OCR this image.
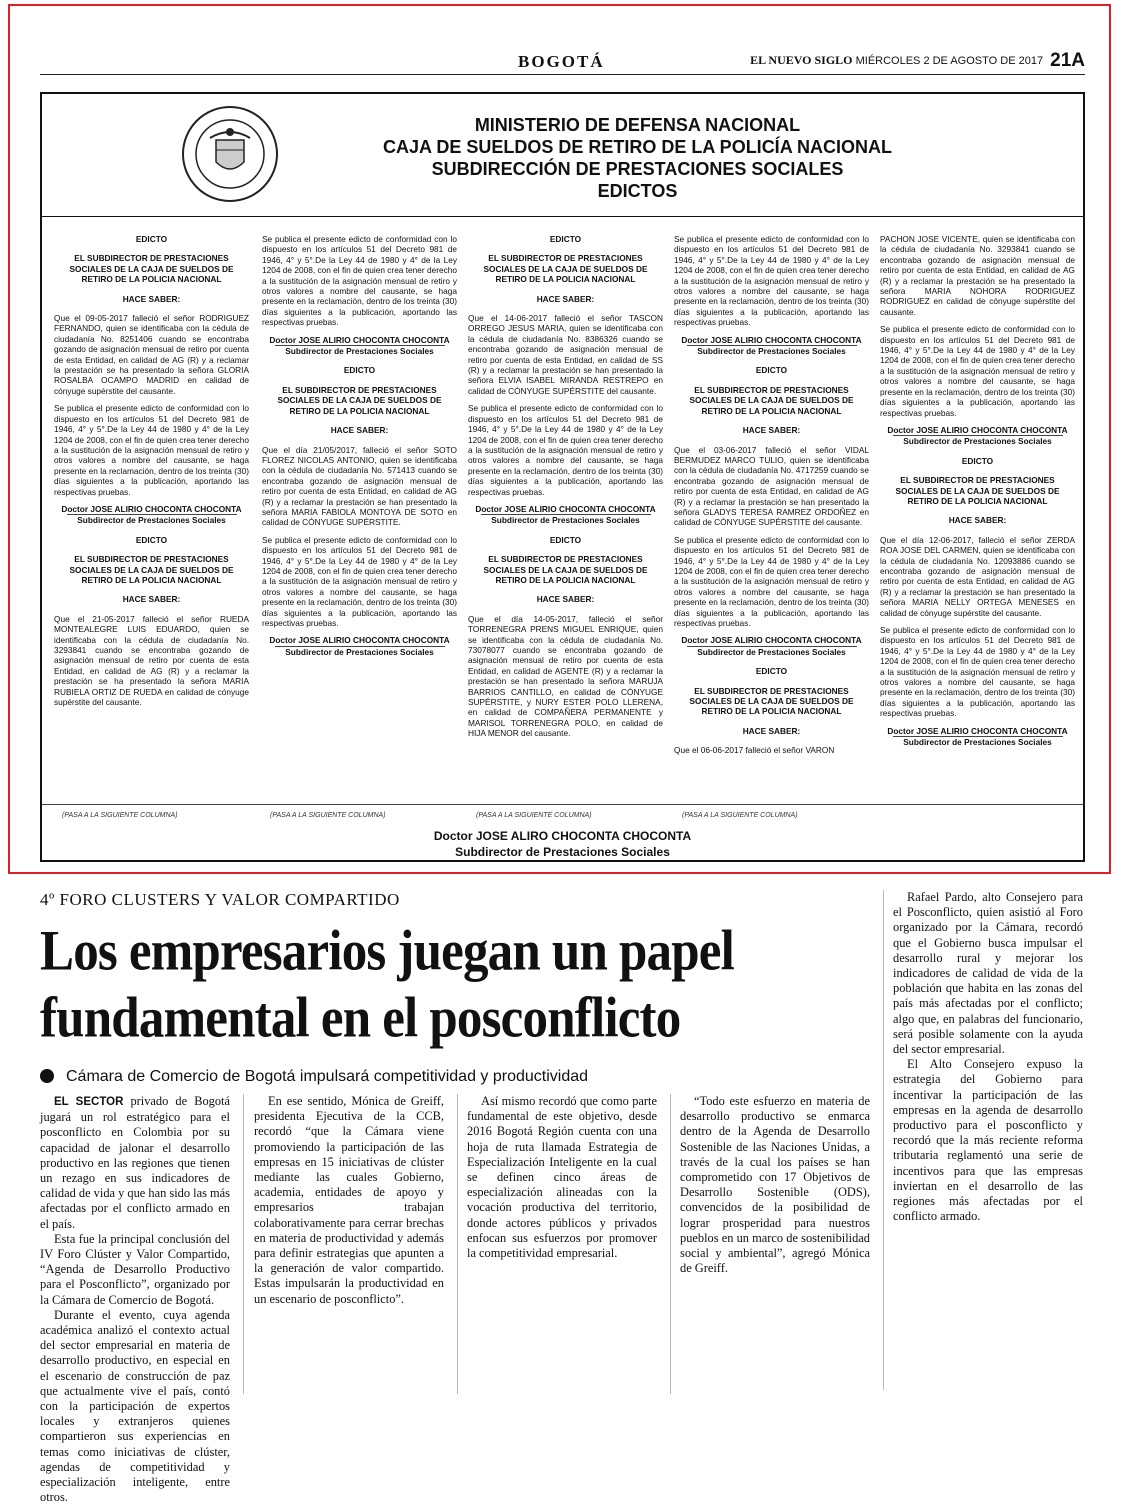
BOGOTÁ	EL NUEVO SIGLO MIÉRCOLES 2 DE AGOSTO DE 2017 21A
MINISTERIO DE DEFENSA NACIONAL
CAJA DE SUELDOS DE RETIRO DE LA POLICÍA NACIONAL
SUBDIRECCIÓN DE PRESTACIONES SOCIALES
EDICTOS
EDICTO
EL SUBDIRECTOR DE PRESTACIONES SOCIALES DE LA CAJA DE SUELDOS DE RETIRO DE LA POLICIA NACIONAL
HACE SABER:

Que el 09-05-2017 falleció el señor RODRIGUEZ FERNANDO, quien se identificaba con la cédula de ciudadanía No. 8251406 cuando se encontraba gozando de asignación mensual de retiro por cuenta de esta Entidad, en calidad de AG (R) y a reclamar la prestación se ha presentado la señora GLORIA ROSALBA OCAMPO MADRID en calidad de cónyuge supérstite del causante.

Se publica el presente edicto de conformidad con lo dispuesto en los artículos 51 del Decreto 981 de 1946, 4° y 5°.De la Ley 44 de 1980 y 4° de la Ley 1204 de 2008, con el fin de quien crea tener derecho a la sustitución de la asignación mensual de retiro y otros valores a nombre del causante, se haga presente en la reclamación, dentro de los treinta (30) días siguientes a la publicación, aportando las respectivas pruebas.

Doctor JOSE ALIRIO CHOCONTA CHOCONTA
Subdirector de Prestaciones Sociales
EDICTO
EL SUBDIRECTOR DE PRESTACIONES SOCIALES DE LA CAJA DE SUELDOS DE RETIRO DE LA POLICIA NACIONAL
HACE SABER:

Que el 21-05-2017 falleció el señor RUEDA MONTEALEGRE LUIS EDUARDO, quien se identificaba con la cédula de ciudadanía No. 3293841 cuando se encontraba gozando de asignación mensual de retiro por cuenta de esta Entidad, en calidad de AG (R) y a reclamar la prestación se ha presentado la señora MARIA RUBIELA ORTIZ DE RUEDA en calidad de cónyuge supérstite del causante.

Se publica el presente edicto de conformidad con lo dispuesto en los artículos 51 del Decreto 981 de 1946, 4° y 5°.De la Ley 44 de 1980 y 4° de la Ley 1204 de 2008, con el fin de quien crea tener derecho a la sustitución de la asignación mensual de retiro y otros valores a nombre del causante, se haga presente en la reclamación, dentro de los treinta (30) días siguientes a la publicación, aportando las respectivas pruebas.

Doctor JOSE ALIRIO CHOCONTA CHOCONTA
Subdirector de Prestaciones Sociales
EDICTO
EL SUBDIRECTOR DE PRESTACIONES SOCIALES DE LA CAJA DE SUELDOS DE RETIRO DE LA POLICIA NACIONAL
HACE SABER:

Que el día 21/05/2017, falleció el señor SOTO FLOREZ NICOLAS ANTONIO, quien se identificaba con la cédula de ciudadanía No. 571413 cuando se encontraba gozando de asignación mensual de retiro por cuenta de esta Entidad, en calidad de AG (R) y a reclamar la prestación se han presentado la señora MARIA FABIOLA MONTOYA DE SOTO en calidad de CÓNYUGE SUPÉRSTITE.

Se publica el presente edicto de conformidad con lo dispuesto en los artículos 51 del Decreto 981 de 1946, 4° y 5°.De la Ley 44 de 1980 y 4° de la Ley 1204 de 2008, con el fin de quien crea tener derecho a la sustitución de la asignación mensual de retiro y otros valores a nombre del causante, se haga presente en la reclamación, dentro de los treinta (30) días siguientes a la publicación, aportando las respectivas pruebas.

Doctor JOSE ALIRIO CHOCONTA CHOCONTA
Subdirector de Prestaciones Sociales
EDICTO
EL SUBDIRECTOR DE PRESTACIONES SOCIALES DE LA CAJA DE SUELDOS DE RETIRO DE LA POLICIA NACIONAL
HACE SABER:

Que el 14-06-2017 falleció el señor TASCON ORREGO JESUS MARIA, quien se identificaba con la cédula de ciudadanía No. 8386326 cuando se encontraba gozando de asignación mensual de retiro por cuenta de esta Entidad, en calidad de SS (R) y a reclamar la prestación se han presentado la señora ELVIA ISABEL MIRANDA RESTREPO en calidad de CÓNYUGE SUPÉRSTITE del causante.

Se publica el presente edicto de conformidad con lo dispuesto en los artículos 51 del Decreto 981 de 1946, 4° y 5°.De la Ley 44 de 1980 y 4° de la Ley 1204 de 2008, con el fin de quien crea tener derecho a la sustitución de la asignación mensual de retiro y otros valores a nombre del causante, se haga presente en la reclamación, dentro de los treinta (30) días siguientes a la publicación, aportando las respectivas pruebas.

Doctor JOSE ALIRIO CHOCONTA CHOCONTA
Subdirector de Prestaciones Sociales
EDICTO
EL SUBDIRECTOR DE PRESTACIONES SOCIALES DE LA CAJA DE SUELDOS DE RETIRO DE LA POLICIA NACIONAL
HACE SABER:

Que el día 14-05-2017, falleció el señor TORRENEGRA PRENS MIGUEL ENRIQUE, quien se identificaba con la cédula de ciudadanía No. 73078077 cuando se encontraba gozando de asignación mensual de retiro por cuenta de esta Entidad, en calidad de AGENTE (R) y a reclamar la prestación se han presentado la señora MARUJA BARRIOS CANTILLO, en calidad de CÓNYUGE SUPÉRSTITE, y NURY ESTER POLO LLERENA, en calidad de COMPAÑERA PERMANENTE y MARISOL TORRENEGRA POLO, en calidad de HIJA MENOR del causante.

Se publica el presente edicto de conformidad con lo dispuesto en los artículos 51 del Decreto 981 de 1946, 4° y 5°.De la Ley 44 de 1980 y 4° de la Ley 1204 de 2008, con el fin de quien crea tener derecho a la sustitución de la asignación mensual de retiro y otros valores a nombre del causante, se haga presente en la reclamación, dentro de los treinta (30) días siguientes a la publicación, aportando las respectivas pruebas.

Doctor JOSE ALIRIO CHOCONTA CHOCONTA
Subdirector de Prestaciones Sociales
EDICTO
EL SUBDIRECTOR DE PRESTACIONES SOCIALES DE LA CAJA DE SUELDOS DE RETIRO DE LA POLICIA NACIONAL
HACE SABER:

Que el 03-06-2017 falleció el señor VIDAL BERMUDEZ MARCO TULIO, quien se identificaba con la cédula de ciudadanía No. 4717259 cuando se encontraba gozando de asignación mensual de retiro por cuenta de esta Entidad, en calidad de AG (R) y a reclamar la prestación se han presentado la señora GLADYS TERESA RAMREZ ORDOÑEZ en calidad de CÓNYUGE SUPÉRSTITE del causante.

Se publica el presente edicto de conformidad con lo dispuesto en los artículos 51 del Decreto 981 de 1946, 4° y 5°.De la Ley 44 de 1980 y 4° de la Ley 1204 de 2008, con el fin de quien crea tener derecho a la sustitución de la asignación mensual de retiro y otros valores a nombre del causante, se haga presente en la reclamación, dentro de los treinta (30) días siguientes a la publicación, aportando las respectivas pruebas.

Doctor JOSE ALIRIO CHOCONTA CHOCONTA
Subdirector de Prestaciones Sociales
EDICTO
EL SUBDIRECTOR DE PRESTACIONES SOCIALES DE LA CAJA DE SUELDOS DE RETIRO DE LA POLICIA NACIONAL
HACE SABER:

Que el 06-06-2017 falleció el señor VARON

PACHON JOSE VICENTE, quien se identificaba con la cédula de ciudadanía No. 3293841 cuando se encontraba gozando de asignación mensual de retiro por cuenta de esta Entidad, en calidad de AG (R) y a reclamar la prestación se ha presentado la señora MARIA NOHORA RODRIGUEZ RODRIGUEZ en calidad de cónyuge supérstite del causante.

Se publica el presente edicto de conformidad con lo dispuesto en los artículos 51 del Decreto 981 de 1946, 4° y 5°.De la Ley 44 de 1980 y 4° de la Ley 1204 de 2008, con el fin de quien crea tener derecho a la sustitución de la asignación mensual de retiro y otros valores a nombre del causante, se haga presente en la reclamación, dentro de los treinta (30) días siguientes a la publicación, aportando las respectivas pruebas.

Doctor JOSE ALIRIO CHOCONTA CHOCONTA
Subdirector de Prestaciones Sociales
EDICTO
EL SUBDIRECTOR DE PRESTACIONES SOCIALES DE LA CAJA DE SUELDOS DE RETIRO DE LA POLICIA NACIONAL
HACE SABER:

Que el día 12-06-2017, falleció el señor ZERDA ROA JOSE DEL CARMEN, quien se identificaba con la cédula de ciudadanía No. 12093886 cuando se encontraba gozando de asignación mensual de retiro por cuenta de esta Entidad, en calidad de AG (R) y a reclamar la prestación se han presentado la señora MARIA NELLY ORTEGA MENESES en calidad de cónyuge supérstite del causante.

Se publica el presente edicto de conformidad con lo dispuesto en los artículos 51 del Decreto 981 de 1946, 4° y 5°.De la Ley 44 de 1980 y 4° de la Ley 1204 de 2008, con el fin de quien crea tener derecho a la sustitución de la asignación mensual de retiro y otros valores a nombre del causante, se haga presente en la reclamación, dentro de los treinta (30) días siguientes a la publicación, aportando las respectivas pruebas.

Doctor JOSE ALIRIO CHOCONTA CHOCONTA
Subdirector de Prestaciones Sociales
(PASA A LA SIGUIENTE COLUMNA)	(PASA A LA SIGUIENTE COLUMNA)	(PASA A LA SIGUIENTE COLUMNA)	(PASA A LA SIGUIENTE COLUMNA)
Doctor JOSE ALIRO CHOCONTA CHOCONTA
Subdirector de Prestaciones Sociales
4º FORO CLUSTERS Y VALOR COMPARTIDO
Los empresarios juegan un papel fundamental en el posconflicto
Cámara de Comercio de Bogotá impulsará competitividad y productividad

EL SECTOR privado de Bogotá jugará un rol estratégico para el posconflicto en Colombia por su capacidad de jalonar el desarrollo productivo en las regiones que tienen un rezago en sus indicadores de calidad de vida y que han sido las más afectadas por el conflicto armado en el país.

Esta fue la principal conclusión del IV Foro Clúster y Valor Compartido, “Agenda de Desarrollo Productivo para el Posconflicto”, organizado por la Cámara de Comercio de Bogotá.

Durante el evento, cuya agenda académica analizó el contexto actual del sector empresarial en materia de desarrollo productivo, en especial en el escenario de construcción de paz que actualmente vive el país, contó con la participación de expertos locales y extranjeros quienes compartieron sus experiencias en temas como iniciativas de clúster, agendas de competitividad y especialización inteligente, entre otros.

En ese sentido, Mónica de Greiff, presidenta Ejecutiva de la CCB, recordó “que la Cámara viene promoviendo la participación de las empresas en 15 iniciativas de clúster mediante las cuales Gobierno, academia, entidades de apoyo y empresarios trabajan colaborativamente para cerrar brechas en materia de productividad y además para definir estrategias que apunten a la generación de valor compartido. Estas impulsarán la productividad en un escenario de posconflicto”.

Así mismo recordó que como parte fundamental de este objetivo, desde 2016 Bogotá Región cuenta con una hoja de ruta llamada Estrategia de Especialización Inteligente en la cual se definen cinco áreas de especialización alineadas con la vocación productiva del territorio, donde actores públicos y privados enfocan sus esfuerzos por promover la competitividad empresarial.

“Todo este esfuerzo en materia de desarrollo productivo se enmarca dentro de la Agenda de Desarrollo Sostenible de las Naciones Unidas, a través de la cual los países se han comprometido con 17 Objetivos de Desarrollo Sostenible (ODS), convencidos de la posibilidad de lograr prosperidad para nuestros pueblos en un marco de sostenibilidad social y ambiental”, agregó Mónica de Greiff.

Rafael Pardo, alto Consejero para el Posconflicto, quien asistió al Foro organizado por la Cámara, recordó que el Gobierno busca impulsar el desarrollo rural y mejorar los indicadores de calidad de vida de la población que habita en las zonas del país más afectadas por el conflicto; algo que, en palabras del funcionario, será posible solamente con la ayuda del sector empresarial.

El Alto Consejero expuso la estrategia del Gobierno para incentivar la participación de las empresas en la agenda de desarrollo productivo para el posconflicto y recordó que la más reciente reforma tributaria reglamentó una serie de incentivos para que las empresas inviertan en el desarrollo de las regiones más afectadas por el conflicto armado.
